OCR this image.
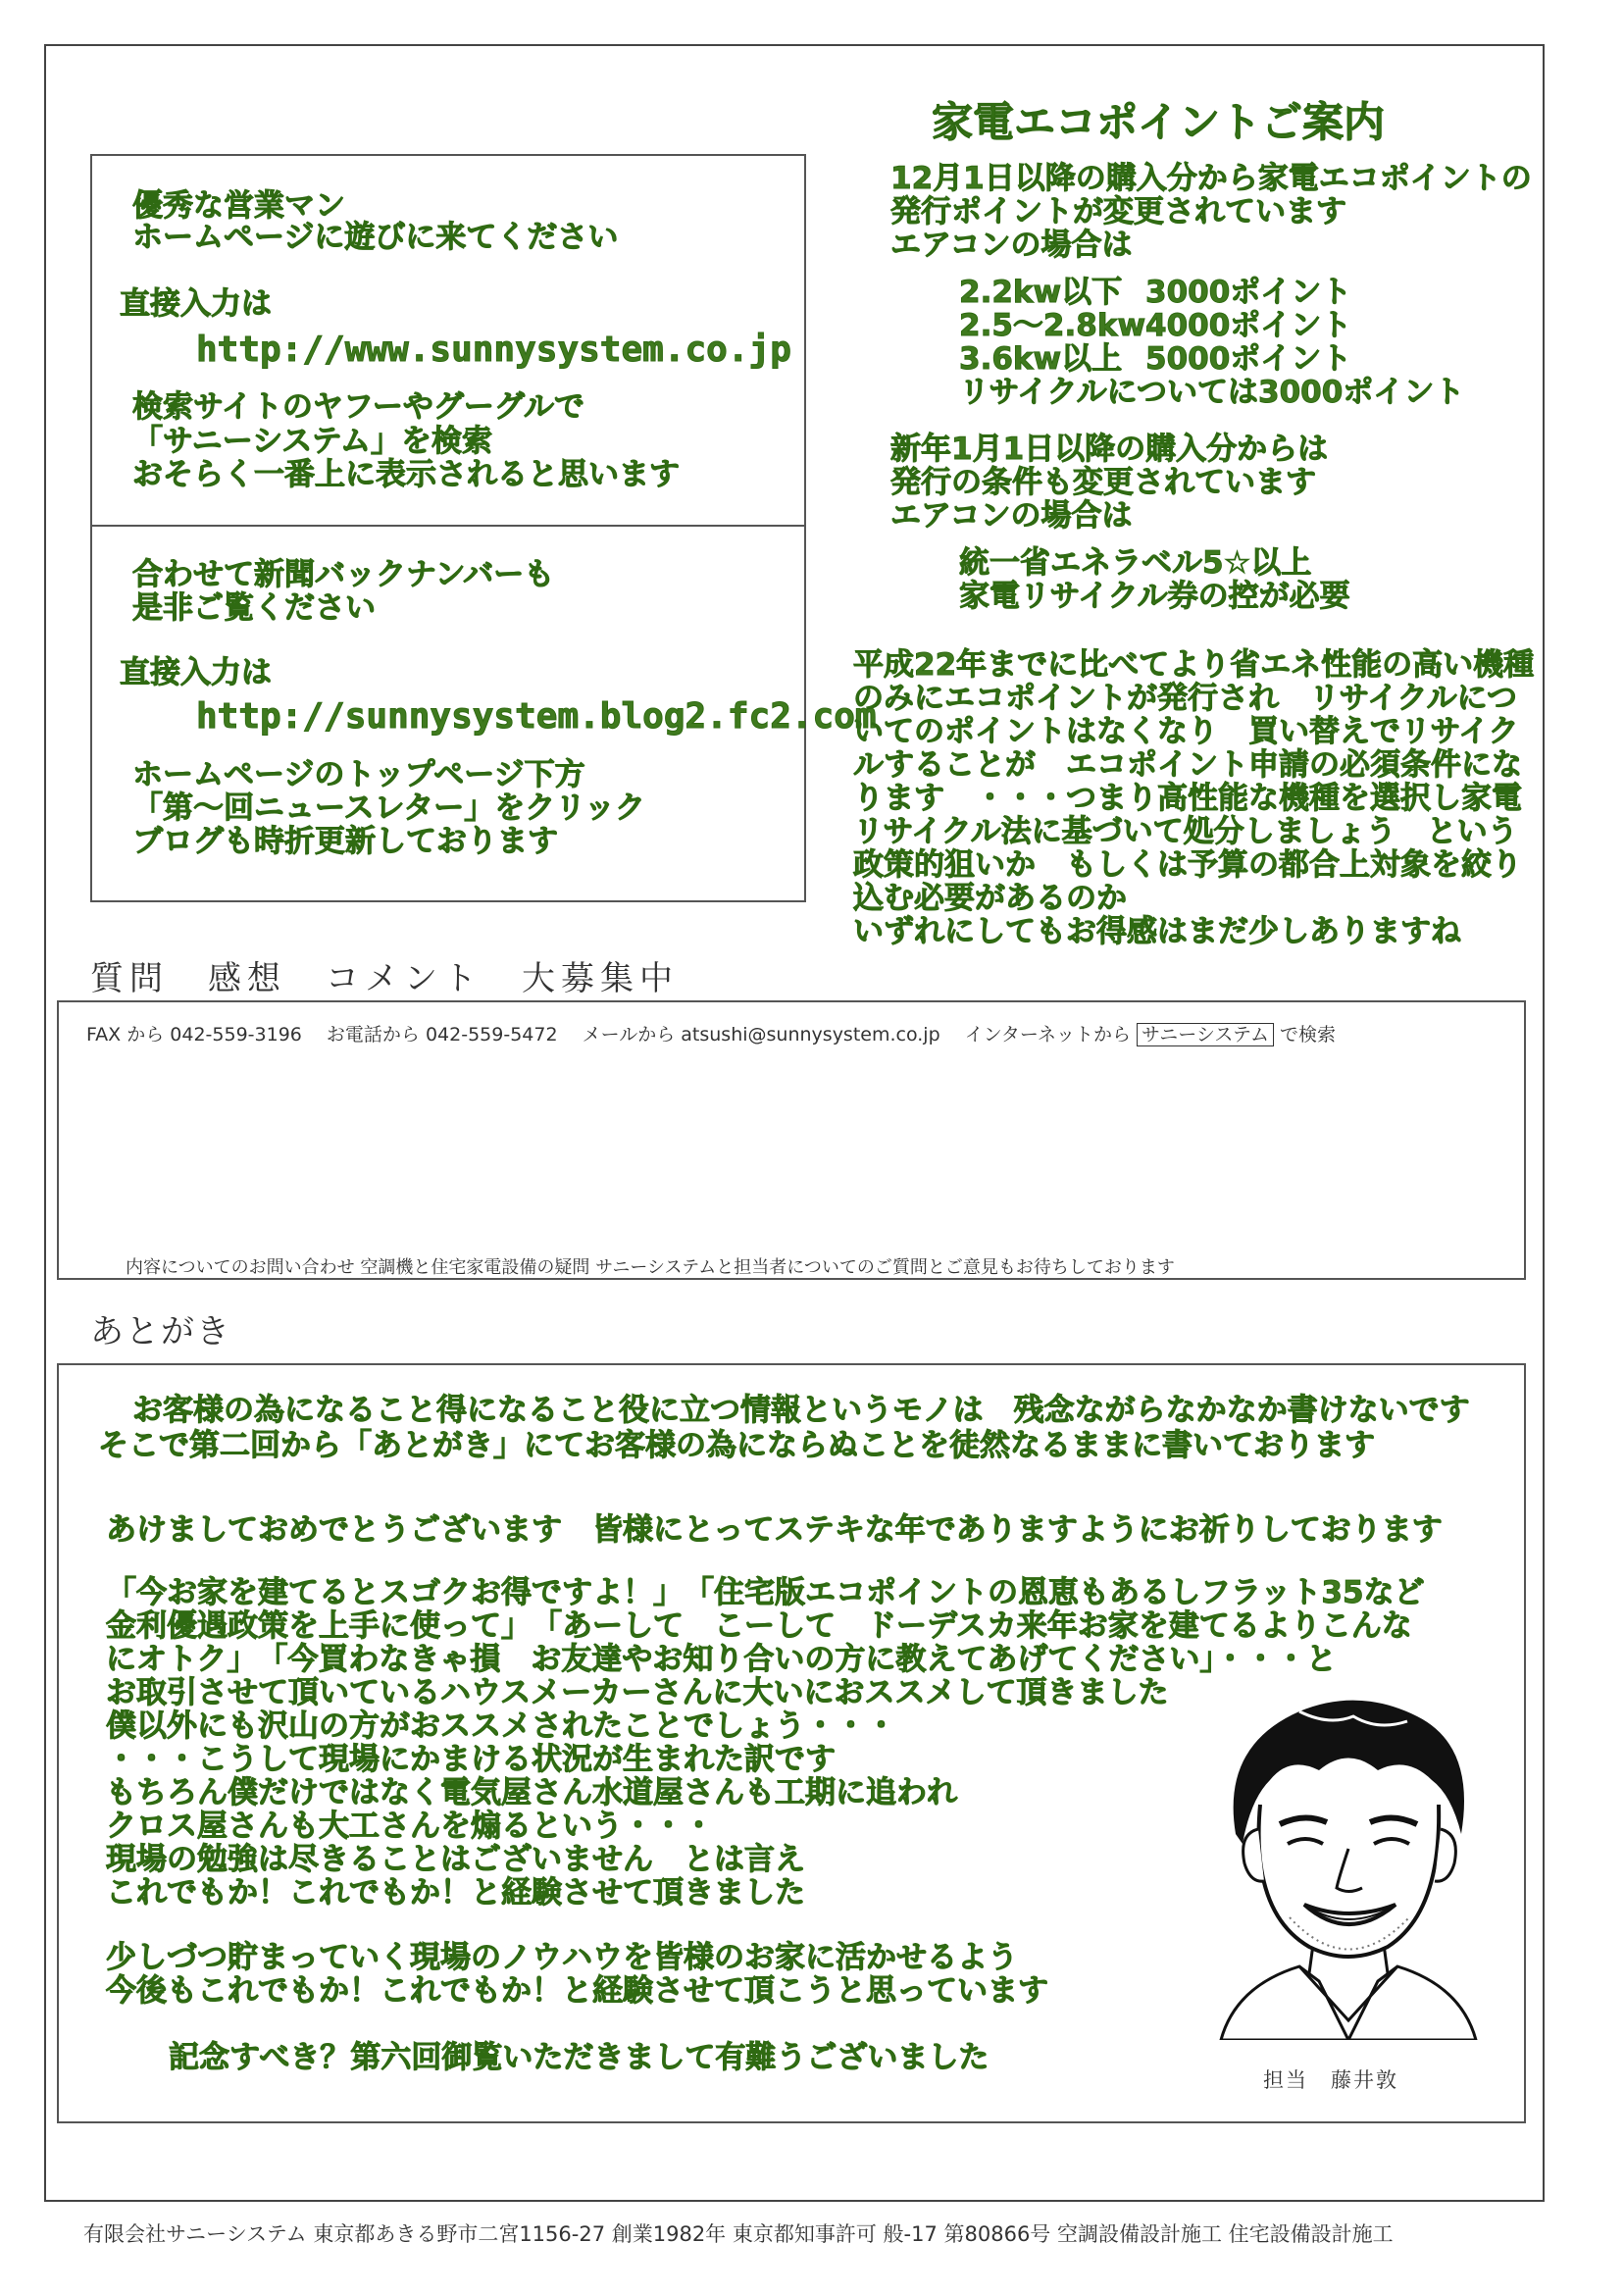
優秀な営業マン
ホームページに遊びに来てください
直接入力は
http://www.sunnysystem.co.jp
検索サイトのヤフーやグーグルで
「サニーシステム」を検索
おそらく一番上に表示されると思います
合わせて新聞バックナンバーも
是非ご覧ください
直接入力は
http://sunnysystem.blog2.fc2.com
ホームページのトップページ下方
「第〜回ニュースレター」をクリック
ブログも時折更新しております
家電エコポイントご案内
12月1日以降の購入分から家電エコポイントの
発行ポイントが変更されています
エアコンの場合は
2.2kw以下 3000ポイント
2.5〜2.8kw 4000ポイント
3.6kw以上 5000ポイント
リサイクルについては3000ポイント
新年1月1日以降の購入分からは
発行の条件も変更されています
エアコンの場合は
統一省エネラベル5☆以上
家電リサイクル券の控が必要
平成22年までに比べてより省エネ性能の高い機種
のみにエコポイントが発行され　リサイクルにつ
いてのポイントはなくなり　買い替えでリサイク
ルすることが　エコポイント申請の必須条件にな
ります　・・・つまり高性能な機種を選択し家電
リサイクル法に基づいて処分しましょう　という
政策的狙いか　もしくは予算の都合上対象を絞り
込む必要があるのか
いずれにしてもお得感はまだ少しありますね
質問　感想　コメント　大募集中
FAX から 042-559-3196　 お電話から 042-559-5472　 メールから atsushi@sunnysystem.co.jp　 インターネットから サニーシステム で検索
内容についてのお問い合わせ 空調機と住宅家電設備の疑問 サニーシステムと担当者についてのご質問とご意見もお待ちしております
あとがき
お客様の為になること得になること役に立つ情報というモノは　残念ながらなかなか書けないです
そこで第二回から「あとがき」にてお客様の為にならぬことを徒然なるままに書いております
あけましておめでとうございます　皆様にとってステキな年でありますようにお祈りしております
「今お家を建てるとスゴクお得ですよ！」　「住宅版エコポイントの恩恵もあるしフラット35など
金利優遇政策を上手に使って」　「あーして　こーして　ドーデスカ来年お家を建てるよりこんな
にオトク」　「今買わなきゃ損　お友達やお知り合いの方に教えてあげてください」・・・と
お取引させて頂いているハウスメーカーさんに大いにおススメして頂きました
僕以外にも沢山の方がおススメされたことでしょう・・・
・・・こうして現場にかまける状況が生まれた訳です
もちろん僕だけではなく電気屋さん水道屋さんも工期に追われ
クロス屋さんも大工さんを煽るという・・・
現場の勉強は尽きることはございません　とは言え
これでもか！これでもか！と経験させて頂きました
少しづつ貯まっていく現場のノウハウを皆様のお家に活かせるよう
今後もこれでもか！これでもか！と経験させて頂こうと思っています
記念すべき？第六回御覧いただきまして有難うございました
担当　藤井敦
有限会社サニーシステム 東京都あきる野市二宮1156-27 創業1982年 東京都知事許可 般-17 第80866号 空調設備設計施工 住宅設備設計施工
